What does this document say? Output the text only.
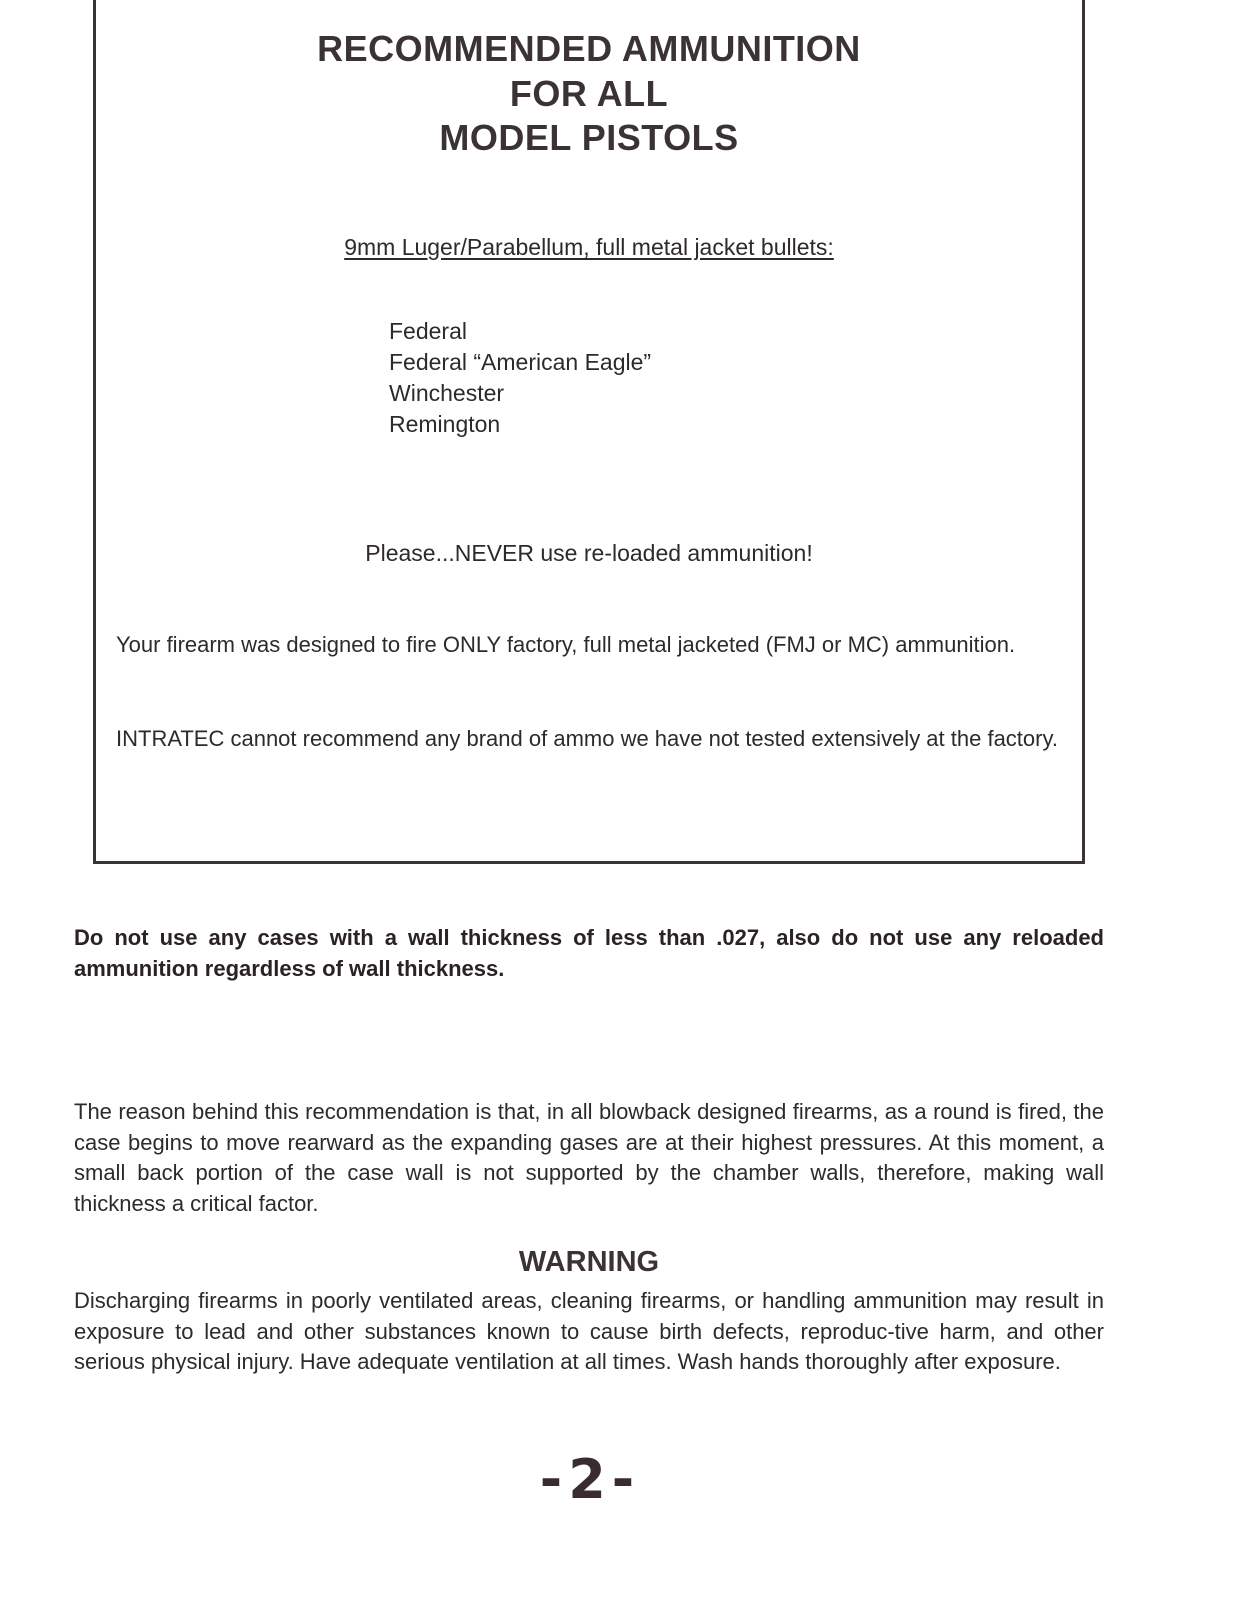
RECOMMENDED AMMUNITION
FOR ALL
MODEL PISTOLS
9mm Luger/Parabellum, full metal jacket bullets:
Federal
Federal “American Eagle”
Winchester
Remington
Please...NEVER use re-loaded ammunition!

Your firearm was designed to fire ONLY factory, full metal jacketed (FMJ or MC) ammunition.

INTRATEC cannot recommend any brand of ammo we have not tested extensively at the factory.

Do not use any cases with a wall thickness of less than .027, also do not use any reloaded ammunition regardless of wall thickness.

The reason behind this recommendation is that, in all blowback designed firearms, as a round is fired, the case begins to move rearward as the expanding gases are at their highest pressures. At this moment, a small back portion of the case wall is not supported by the chamber walls, therefore, making wall thickness a critical factor.

WARNING

Discharging firearms in poorly ventilated areas, cleaning firearms, or handling ammunition may result in exposure to lead and other substances known to cause birth defects, reproduc-tive harm, and other serious physical injury. Have adequate ventilation at all times. Wash hands thoroughly after exposure.

-2-
